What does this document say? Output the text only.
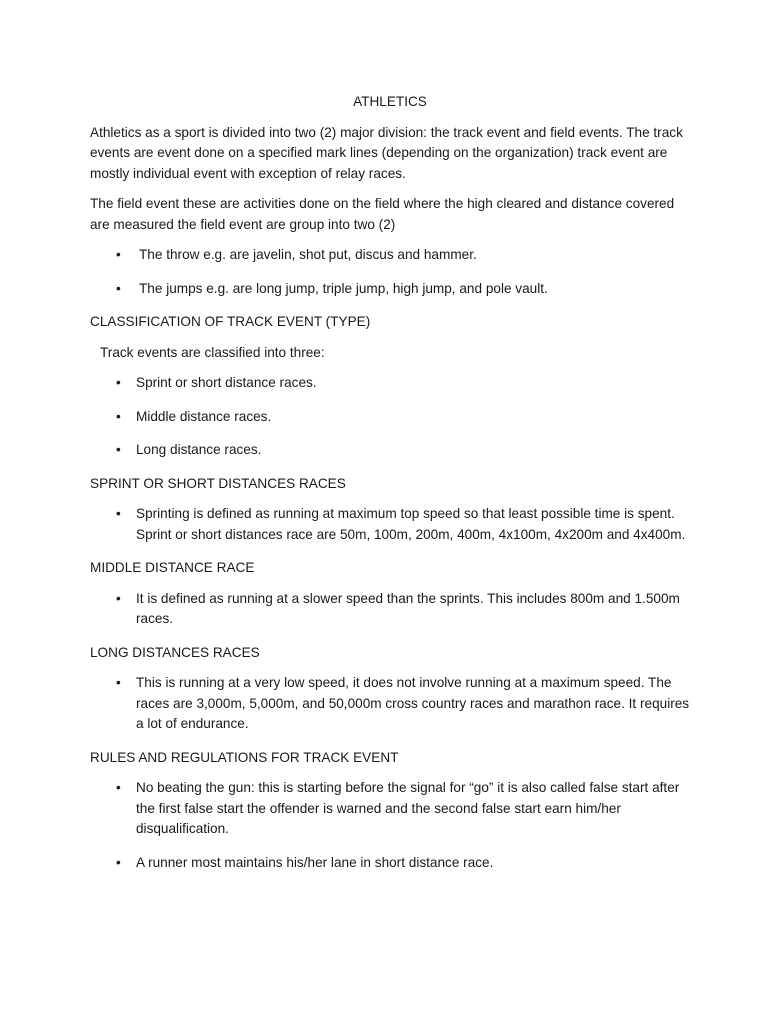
ATHLETICS

Athletics as a sport is divided into two (2) major division: the track event and field events. The track events are event done on a specified mark lines (depending on the organization) track event are mostly individual event with exception of relay races.

The field event these are activities done on the field where the high cleared and distance covered are measured the field event are group into two (2)

• The throw e.g. are javelin, shot put, discus and hammer.
• The jumps e.g. are long jump, triple jump, high jump, and pole vault.

CLASSIFICATION OF TRACK EVENT (TYPE)

Track events are classified into three:

• Sprint or short distance races.
• Middle distance races.
• Long distance races.

SPRINT OR SHORT DISTANCES RACES

• Sprinting is defined as running at maximum top speed so that least possible time is spent. Sprint or short distances race are 50m, 100m, 200m, 400m, 4x100m, 4x200m and 4x400m.

MIDDLE DISTANCE RACE

• It is defined as running at a slower speed than the sprints. This includes 800m and 1.500m races.

LONG DISTANCES RACES

• This is running at a very low speed, it does not involve running at a maximum speed. The races are 3,000m, 5,000m, and 50,000m cross country races and marathon race. It requires a lot of endurance.

RULES AND REGULATIONS FOR TRACK EVENT

• No beating the gun: this is starting before the signal for “go” it is also called false start after the first false start the offender is warned and the second false start earn him/her disqualification.
• A runner most maintains his/her lane in short distance race.
